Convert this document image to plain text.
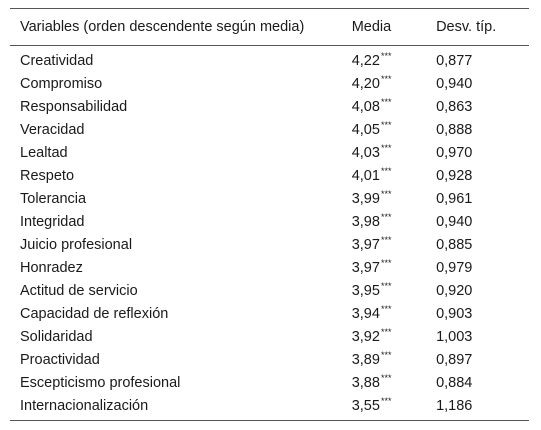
Variables (orden descendente según media)	Media	Desv. típ.
Creatividad	4,22***	0,877
Compromiso	4,20***	0,940
Responsabilidad	4,08***	0,863
Veracidad	4,05***	0,888
Lealtad	4,03***	0,970
Respeto	4,01***	0,928
Tolerancia	3,99***	0,961
Integridad	3,98***	0,940
Juicio profesional	3,97***	0,885
Honradez	3,97***	0,979
Actitud de servicio	3,95***	0,920
Capacidad de reflexión	3,94***	0,903
Solidaridad	3,92***	1,003
Proactividad	3,89***	0,897
Escepticismo profesional	3,88***	0,884
Internacionalización	3,55***	1,186
